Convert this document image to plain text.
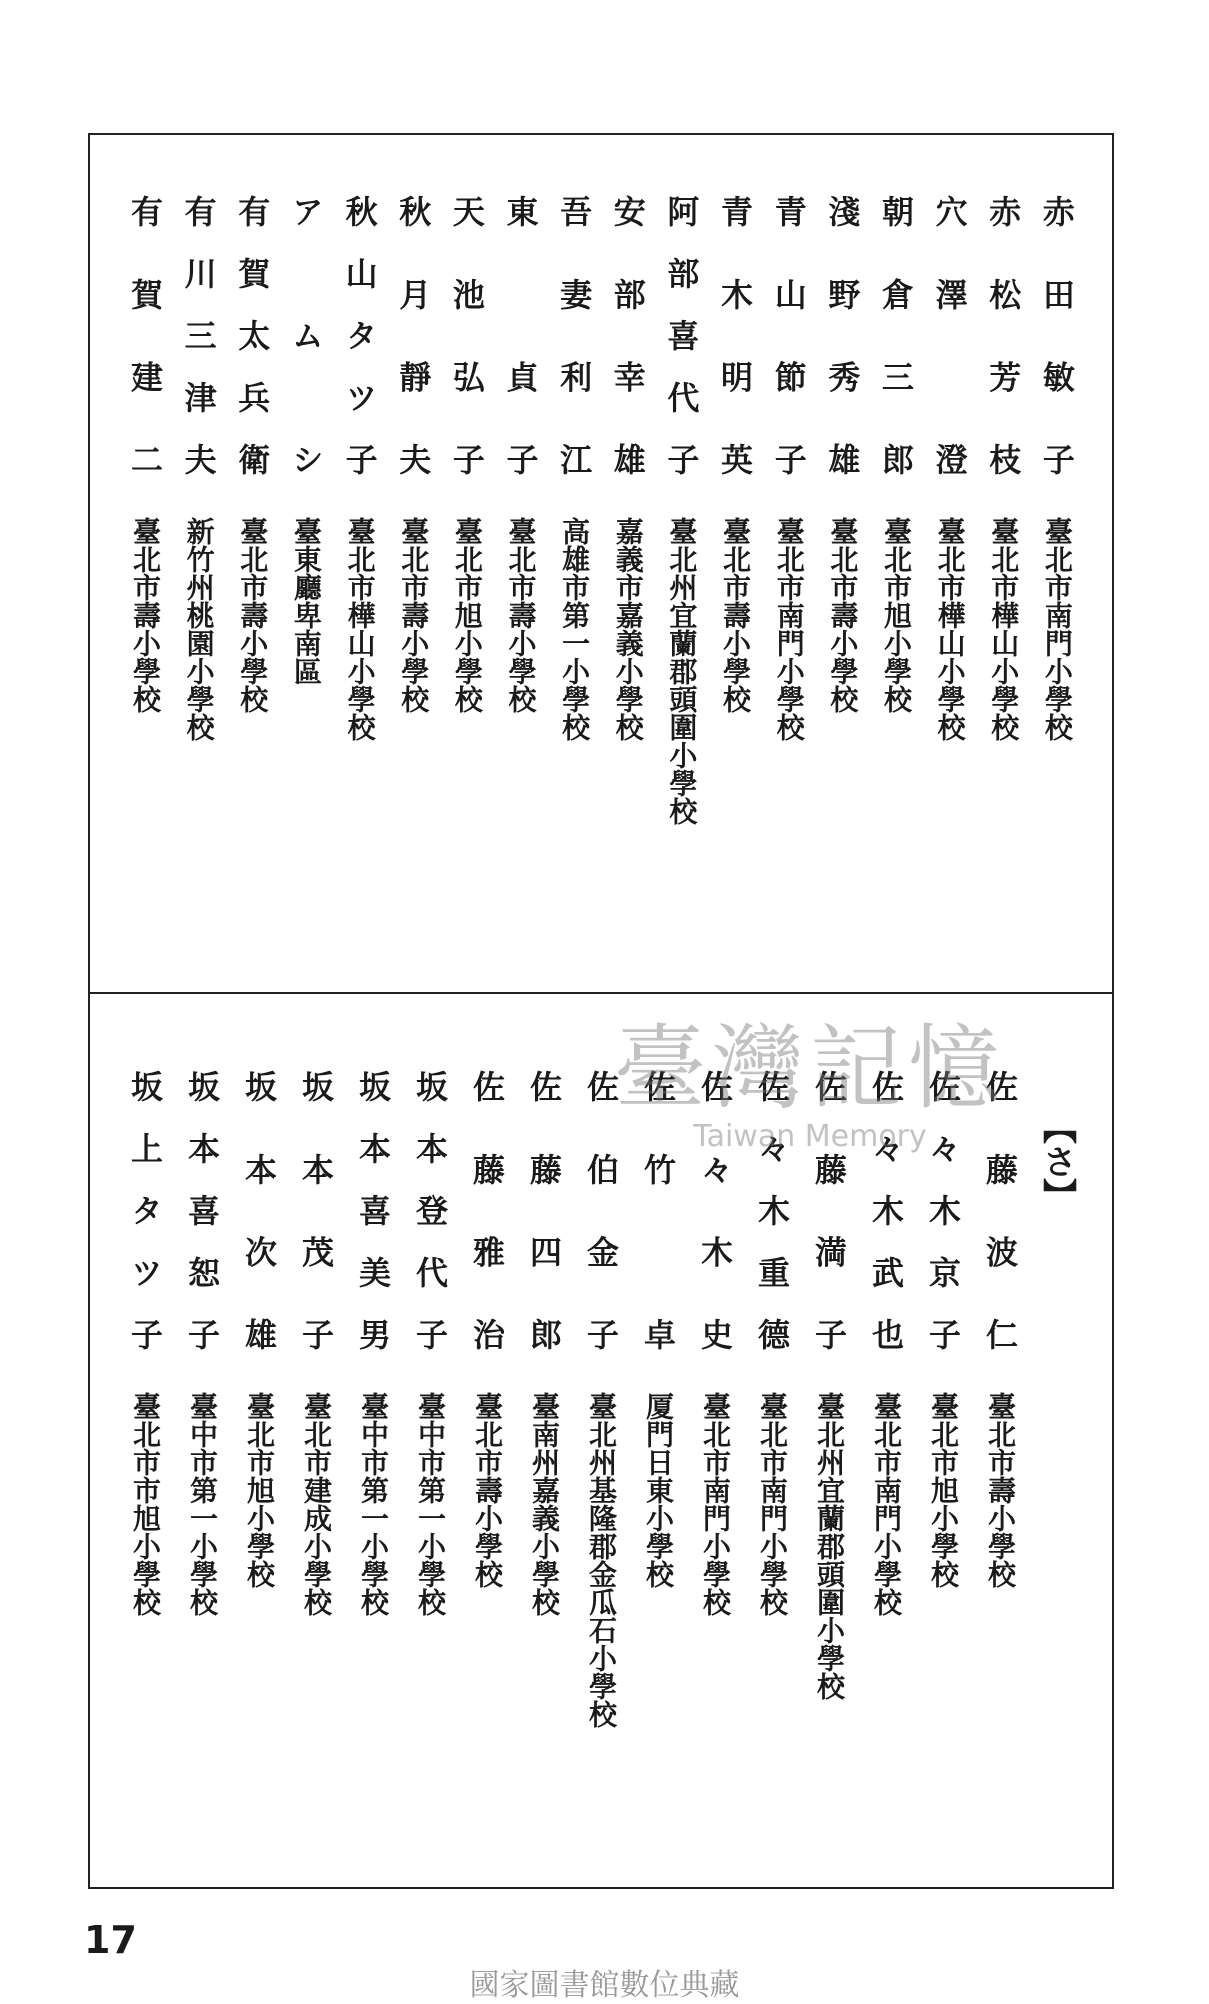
赤田敏子
臺北市南門小學校
赤松芳枝
臺北市樺山小學校
穴澤　澄
臺北市樺山小學校
朝倉三郎
臺北市旭小學校
淺野秀雄
臺北市壽小學校
青山節子
臺北市南門小學校
青木明英
臺北市壽小學校
阿部喜代子
臺北州宜蘭郡頭圍小學校
安部幸雄
嘉義市嘉義小學校
吾妻利江
高雄市第一小學校
東　貞子
臺北市壽小學校
天池弘子
臺北市旭小學校
秋月靜夫
臺北市壽小學校
秋山タツ子
臺北市樺山小學校
アムシ
臺東廳卑南區
有賀太兵衛
臺北市壽小學校
有川三津夫
新竹州桃園小學校
有賀建二
臺北市壽小學校
【さ】
佐藤波仁
臺北市壽小學校
佐々木京子
臺北市旭小學校
佐々木武也
臺北市南門小學校
佐藤満子
臺北州宜蘭郡頭圍小學校
佐々木重德
臺北市南門小學校
佐々木史
臺北市南門小學校
佐竹　卓
厦門日東小學校
佐伯金子
臺北州基隆郡金瓜石小學校
佐藤四郎
臺南州嘉義小學校
佐藤雅治
臺北市壽小學校
坂本登代子
臺中市第一小學校
坂本喜美男
臺中市第一小學校
坂本茂子
臺北市建成小學校
坂本次雄
臺北市旭小學校
坂本喜恕子
臺中市第一小學校
坂上タツ子
臺北市市旭小學校
臺灣記憶
Taiwan Memory
17
國家圖書館數位典藏
